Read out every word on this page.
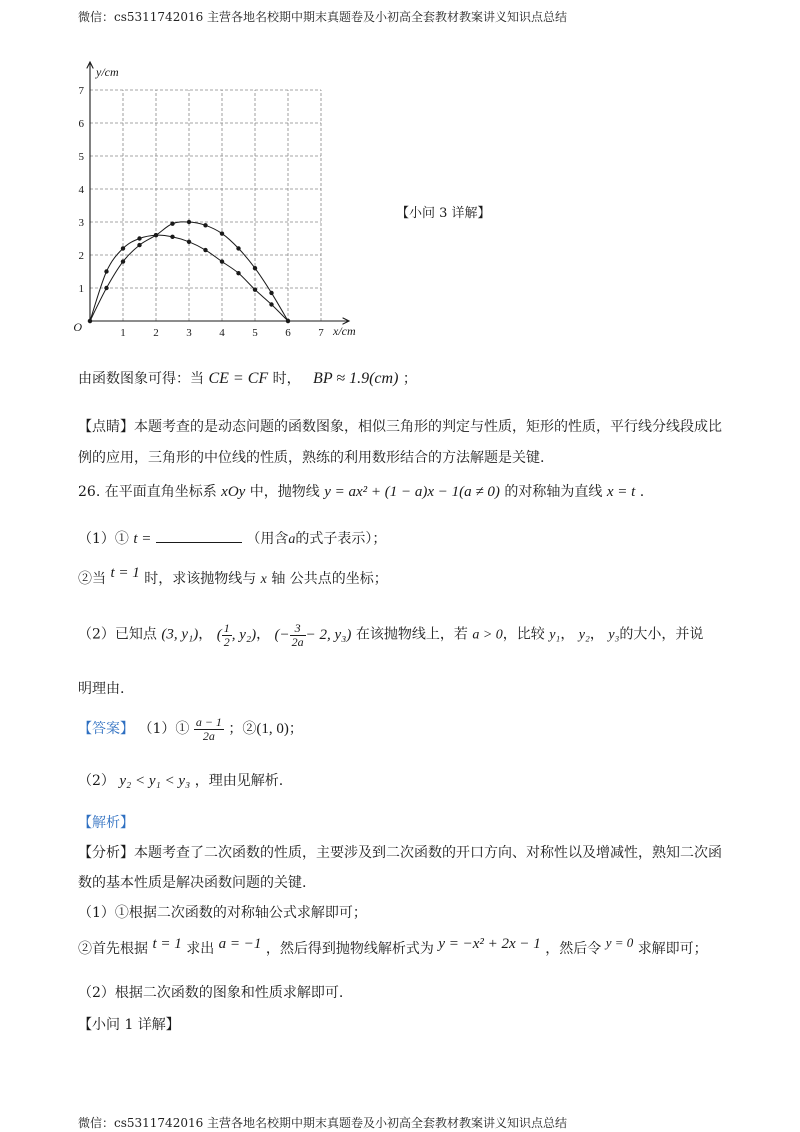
微信：cs5311742016 主营各地名校期中期末真题卷及小初高全套教材教案讲义知识点总结
微信：cs5311742016 主营各地名校期中期末真题卷及小初高全套教材教案讲义知识点总结
1	2	3	4	5	6	7
1
2
3
4
5
6
7
O
y/cm
x/cm
【小问 3 详解】
由函数图象可得：当 CE = CF 时， BP ≈ 1.9(cm) ；
【点睛】本题考查的是动态问题的函数图象，相似三角形的判定与性质，矩形的性质，平行线分线段成比
例的应用，三角形的中位线的性质，熟练的利用数形结合的方法解题是关键.
26. 在平面直角坐标系 xOy 中，抛物线 y = ax² + (1 − a)x − 1(a ≠ 0) 的对称轴为直线 x = t .
（1）① t =	（用含a的式子表示）；
②当 t = 1 时，求该抛物线与 x 轴 公共点的坐标；
（2）已知点 (3, y₁)， ( $\frac{1}{2}$ , y₂)， (− $\frac{3}{2a} - 2$, y₃) 在该抛物线上，若 a > 0，比较 y₁， y₂， y₃的大小，并说
明理由.
【答案】 （1）① $\frac{a - 1}{2a}$ ；②(1, 0)；
（2） y₂ < y₁ < y₃ ，理由见解析.
【解析】
【分析】本题考查了二次函数的性质，主要涉及到二次函数的开口方向、对称性以及增减性，熟知二次函
数的基本性质是解决函数问题的关键.
（1）①根据二次函数的对称轴公式求解即可；
②首先根据 t = 1 求出 a = −1 ，然后得到抛物线解析式为 y = −x² + 2x − 1 ，然后令 y = 0 求解即可；
（2）根据二次函数的图象和性质求解即可.
【小问 1 详解】
